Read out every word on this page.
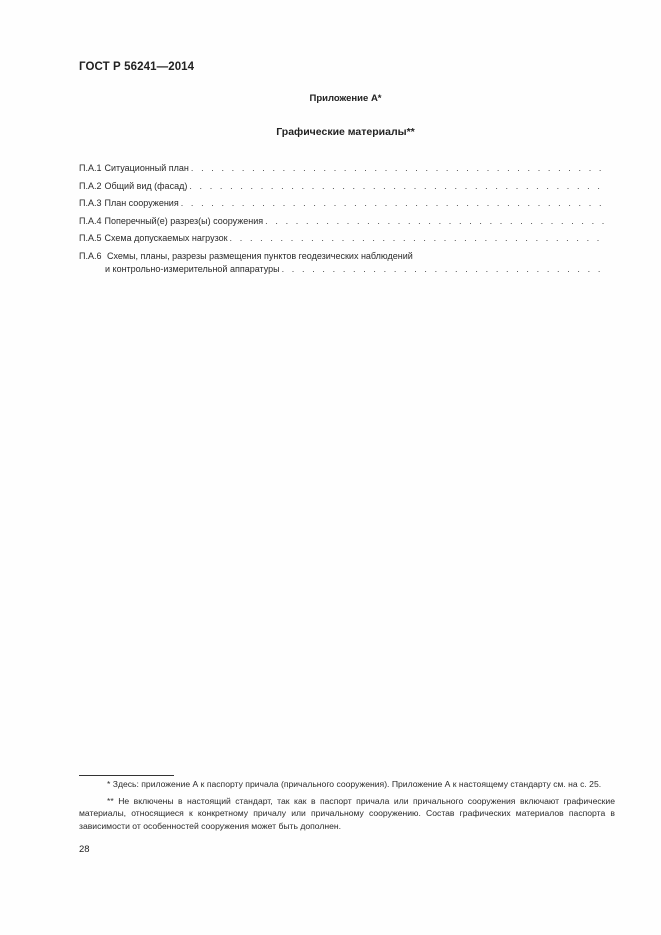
ГОСТ Р 56241—2014
Приложение А*
Графические материалы**
П.А.1 Ситуационный план
. . .
П.А.2 Общий вид (фасад)
. . .
П.А.3 План сооружения
. . .
П.А.4 Поперечный(е) разрез(ы) сооружения
. . .
П.А.5 Схема допускаемых нагрузок
. . .
П.А.6 Схемы, планы, разрезы размещения пунктов геодезических наблюдений
и контрольно-измерительной аппаратуры
. . .

* Здесь: приложение А к паспорту причала (причального сооружения). Приложение А к настоящему стандарту см. на с. 25.

** Не включены в настоящий стандарт, так как в паспорт причала или причального сооружения включают графические материалы, относящиеся к конкретному причалу или причальному сооружению. Состав графических материалов паспорта в зависимости от особенностей сооружения может быть дополнен.

28
